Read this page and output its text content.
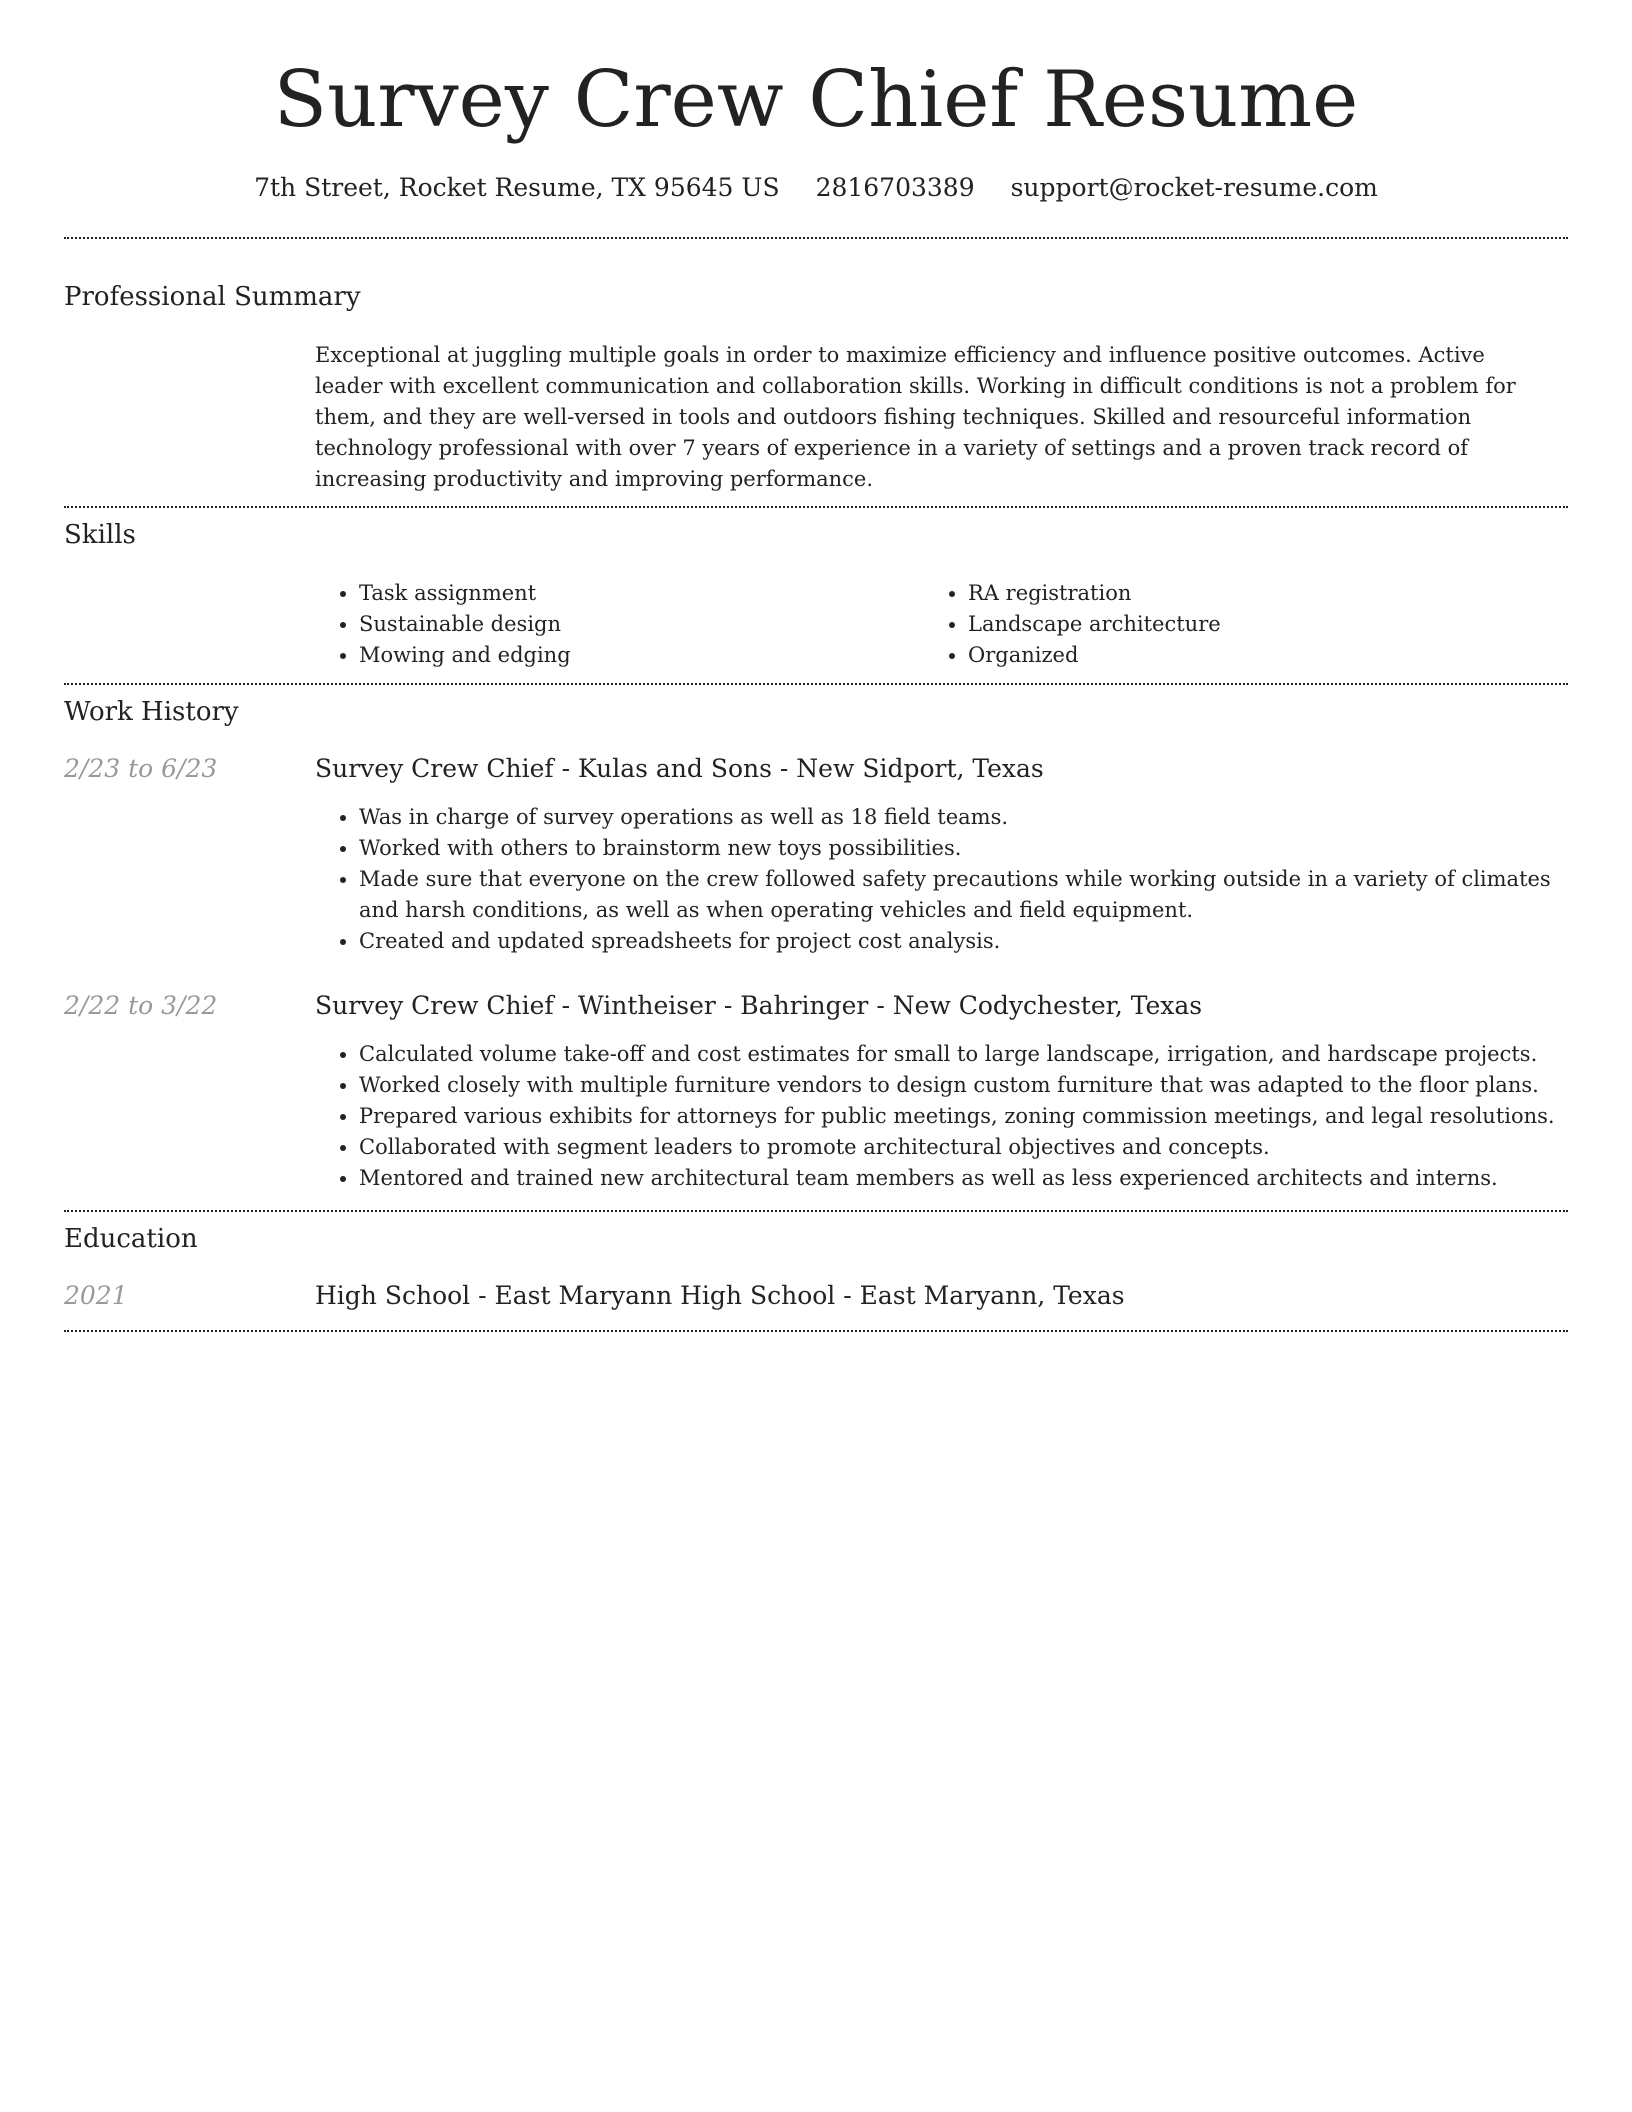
Survey Crew Chief Resume
7th Street, Rocket Resume, TX 95645 US 2816703389 support@rocket-resume.com
Professional Summary
Exceptional at juggling multiple goals in order to maximize efficiency and influence positive outcomes. Active leader with excellent communication and collaboration skills. Working in difficult conditions is not a problem for them, and they are well-versed in tools and outdoors fishing techniques. Skilled and resourceful information technology professional with over 7 years of experience in a variety of settings and a proven track record of increasing productivity and improving performance.
Skills
• Task assignment
• Sustainable design
• Mowing and edging
• RA registration
• Landscape architecture
• Organized
Work History
2/23 to 6/23	Survey Crew Chief - Kulas and Sons - New Sidport, Texas
• Was in charge of survey operations as well as 18 field teams.
• Worked with others to brainstorm new toys possibilities.
• Made sure that everyone on the crew followed safety precautions while working outside in a variety of climates and harsh conditions, as well as when operating vehicles and field equipment.
• Created and updated spreadsheets for project cost analysis.
2/22 to 3/22	Survey Crew Chief - Wintheiser - Bahringer - New Codychester, Texas
• Calculated volume take-off and cost estimates for small to large landscape, irrigation, and hardscape projects.
• Worked closely with multiple furniture vendors to design custom furniture that was adapted to the floor plans.
• Prepared various exhibits for attorneys for public meetings, zoning commission meetings, and legal resolutions.
• Collaborated with segment leaders to promote architectural objectives and concepts.
• Mentored and trained new architectural team members as well as less experienced architects and interns.
Education
2021	High School - East Maryann High School - East Maryann, Texas
